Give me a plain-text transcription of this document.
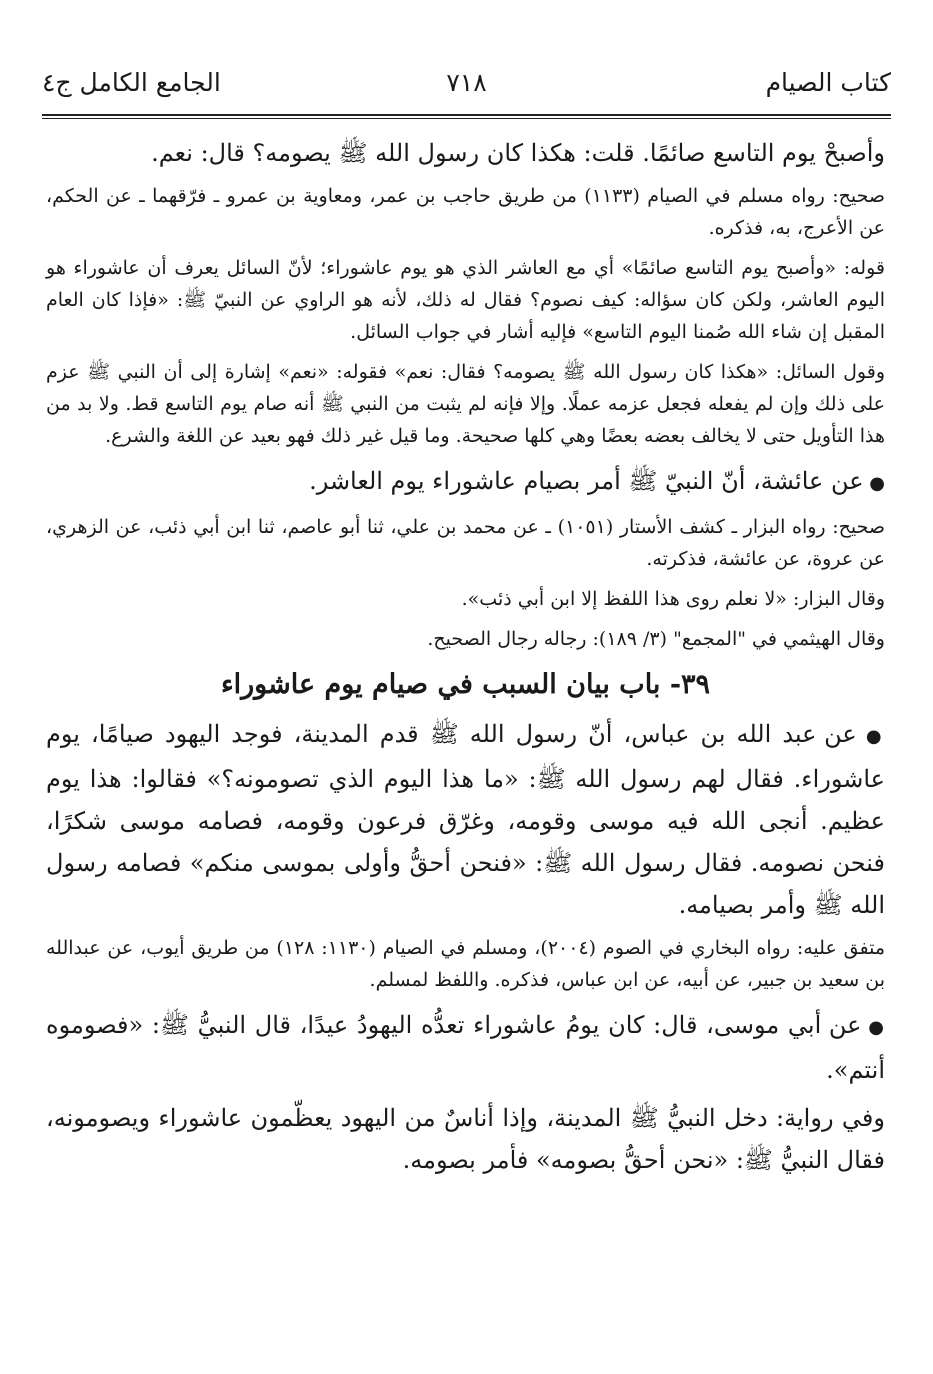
كتاب الصيام
٧١٨
الجامع الكامل ج٤

وأصبحْ يوم التاسع صائمًا. قلت: هكذا كان رسول الله ﷺ يصومه؟ قال: نعم.

صحيح: رواه مسلم في الصيام (١١٣٣) من طريق حاجب بن عمر، ومعاوية بن عمرو ـ فرّقهما ـ عن الحكم، عن الأعرج، به، فذكره.

قوله: «وأصبح يوم التاسع صائمًا» أي مع العاشر الذي هو يوم عاشوراء؛ لأنّ السائل يعرف أن عاشوراء هو اليوم العاشر، ولكن كان سؤاله: كيف نصوم؟ فقال له ذلك، لأنه هو الراوي عن النبيّ ﷺ: «فإذا كان العام المقبل إن شاء الله صُمنا اليوم التاسع» فإليه أشار في جواب السائل.

وقول السائل: «هكذا كان رسول الله ﷺ يصومه؟ فقال: نعم» فقوله: «نعم» إشارة إلى أن النبي ﷺ عزم على ذلك وإن لم يفعله فجعل عزمه عملًا. وإلا فإنه لم يثبت من النبي ﷺ أنه صام يوم التاسع قط. ولا بد من هذا التأويل حتى لا يخالف بعضه بعضًا وهي كلها صحيحة. وما قيل غير ذلك فهو بعيد عن اللغة والشرع.

● عن عائشة، أنّ النبيّ ﷺ أمر بصيام عاشوراء يوم العاشر.

صحيح: رواه البزار ـ كشف الأستار (١٠٥١) ـ عن محمد بن علي، ثنا أبو عاصم، ثنا ابن أبي ذئب، عن الزهري، عن عروة، عن عائشة، فذكرته.

وقال البزار: «لا نعلم روى هذا اللفظ إلا ابن أبي ذئب».

وقال الهيثمي في "المجمع" (٣/ ١٨٩): رجاله رجال الصحيح.

٣٩- باب بيان السبب في صيام يوم عاشوراء

● عن عبد الله بن عباس، أنّ رسول الله ﷺ قدم المدينة، فوجد اليهود صيامًا، يوم عاشوراء. فقال لهم رسول الله ﷺ: «ما هذا اليوم الذي تصومونه؟» فقالوا: هذا يوم عظيم. أنجى الله فيه موسى وقومه، وغرّق فرعون وقومه، فصامه موسى شكرًا، فنحن نصومه. فقال رسول الله ﷺ: «فنحن أحقُّ وأولى بموسى منكم» فصامه رسول الله ﷺ وأمر بصيامه.

متفق عليه: رواه البخاري في الصوم (٢٠٠٤)، ومسلم في الصيام (١١٣٠: ١٢٨) من طريق أيوب، عن عبدالله بن سعيد بن جبير، عن أبيه، عن ابن عباس، فذكره. واللفظ لمسلم.

● عن أبي موسى، قال: كان يومُ عاشوراء تعدُّه اليهودُ عيدًا، قال النبيُّ ﷺ: «فصوموه أنتم».

وفي رواية: دخل النبيُّ ﷺ المدينة، وإذا أناسٌ من اليهود يعظّمون عاشوراء ويصومونه، فقال النبيُّ ﷺ: «نحن أحقُّ بصومه» فأمر بصومه.
